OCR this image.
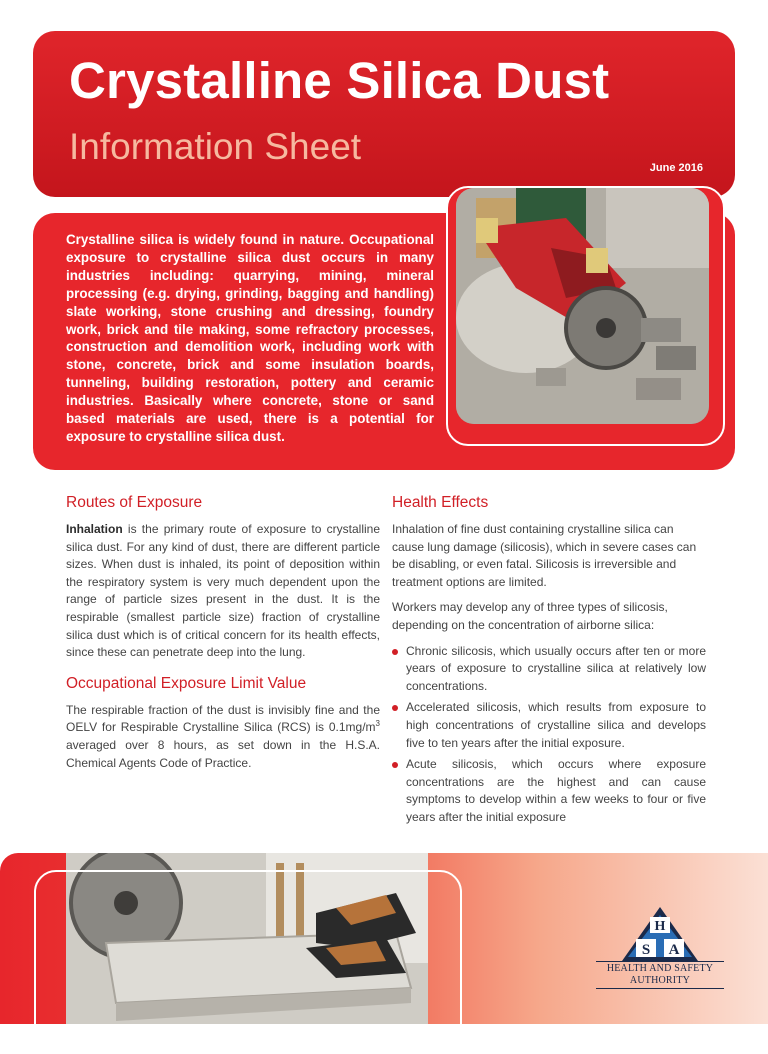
Crystalline Silica Dust
Information Sheet
June 2016

Crystalline silica is widely found in nature. Occupational exposure to crystalline silica dust occurs in many industries including: quarrying, mining, mineral processing (e.g. drying, grinding, bagging and handling) slate working, stone crushing and dressing, foundry work, brick and tile making, some refractory processes, construction and demolition work, including work with stone, concrete, brick and some insulation boards, tunneling, building restoration, pottery and ceramic industries. Basically where concrete, stone or sand based materials are used, there is a potential for exposure to crystalline silica dust.

Routes of Exposure

Inhalation is the primary route of exposure to crystalline silica dust. For any kind of dust, there are different particle sizes. When dust is inhaled, its point of deposition within the respiratory system is very much dependent upon the range of particle sizes present in the dust. It is the respirable (smallest particle size) fraction of crystalline silica dust which is of critical concern for its health effects, since these can penetrate deep into the lung.

Occupational Exposure Limit Value

The respirable fraction of the dust is invisibly fine and the OELV for Respirable Crystalline Silica (RCS) is $0.1mg/m^3$ averaged over 8 hours, as set down in the H.S.A. Chemical Agents Code of Practice.

Health Effects

Inhalation of fine dust containing crystalline silica can cause lung damage (silicosis), which in severe cases can be disabling, or even fatal. Silicosis is irreversible and treatment options are limited.

Workers may develop any of three types of silicosis, depending on the concentration of airborne silica:

Chronic silicosis, which usually occurs after ten or more years of exposure to crystalline silica at relatively low concentrations.
Accelerated silicosis, which results from exposure to high concentrations of crystalline silica and develops five to ten years after the initial exposure.
Acute silicosis, which occurs where exposure concentrations are the highest and can cause symptoms to develop within a few weeks to four or five years after the initial exposure
H
S A
HEALTH AND SAFETY
AUTHORITY
